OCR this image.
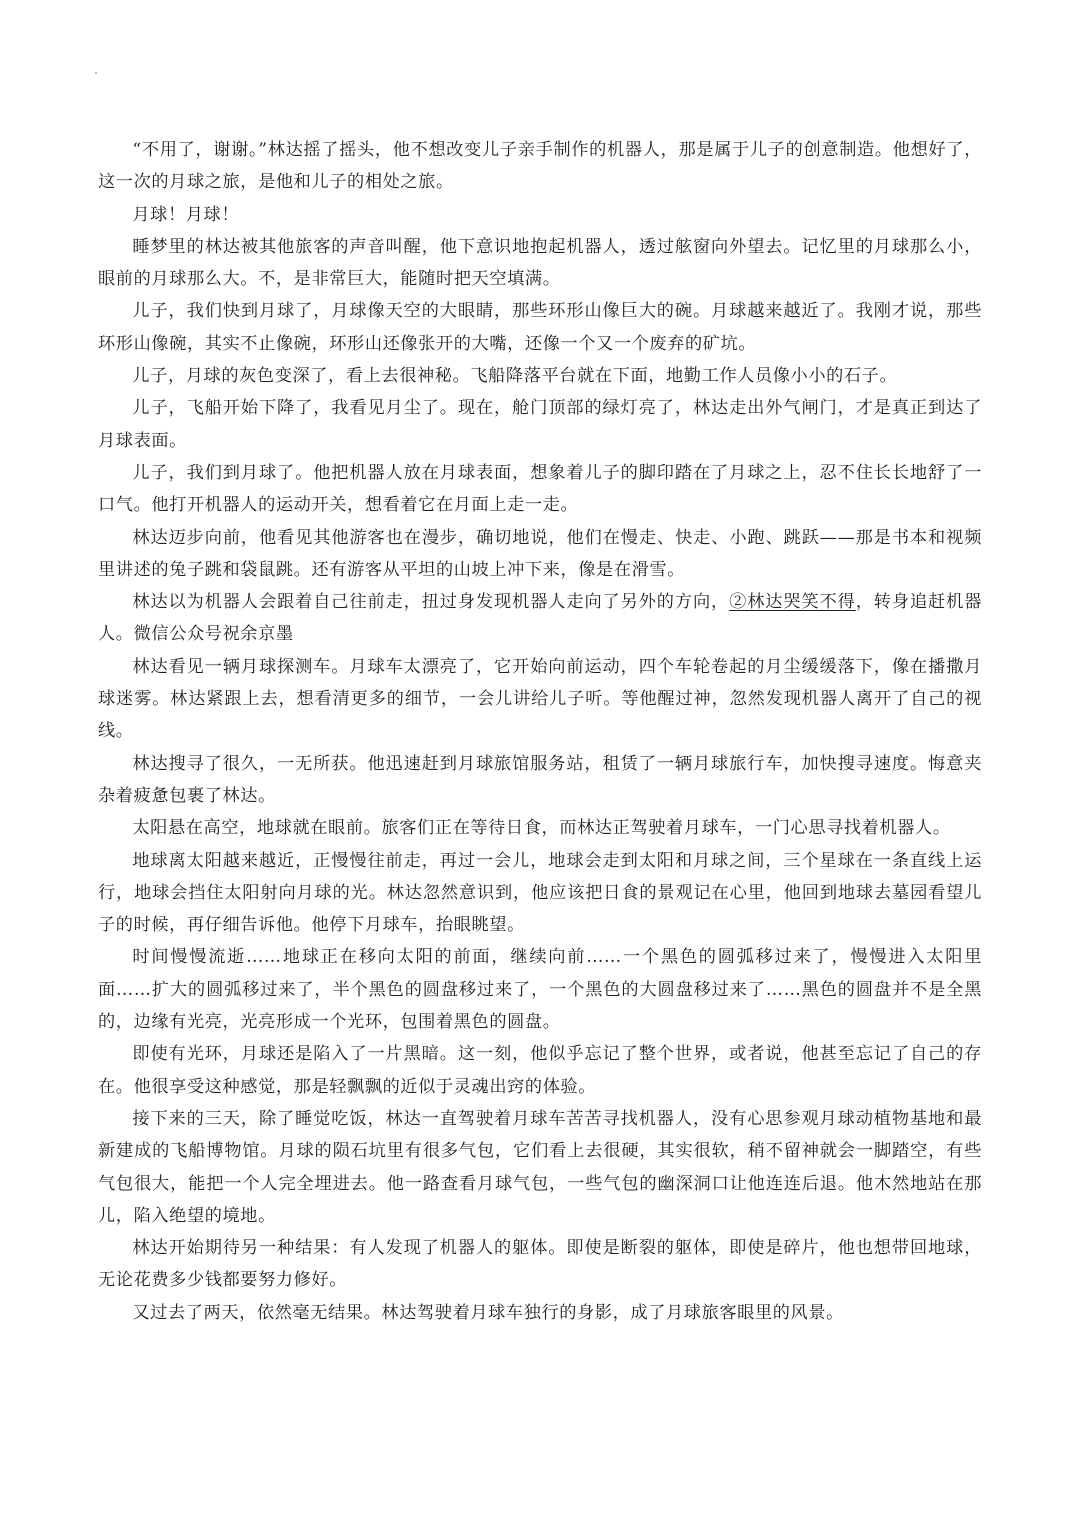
“不用了，谢谢。”林达摇了摇头，他不想改变儿子亲手制作的机器人，那是属于儿子的创意制造。他想好了，这一次的月球之旅，是他和儿子的相处之旅。

月球！月球！

睡梦里的林达被其他旅客的声音叫醒，他下意识地抱起机器人，透过舷窗向外望去。记忆里的月球那么小，眼前的月球那么大。不，是非常巨大，能随时把天空填满。

儿子，我们快到月球了，月球像天空的大眼睛，那些环形山像巨大的碗。月球越来越近了。我刚才说，那些环形山像碗，其实不止像碗，环形山还像张开的大嘴，还像一个又一个废弃的矿坑。

儿子，月球的灰色变深了，看上去很神秘。飞船降落平台就在下面，地勤工作人员像小小的石子。

儿子，飞船开始下降了，我看见月尘了。现在，舱门顶部的绿灯亮了，林达走出外气闸门，才是真正到达了月球表面。

儿子，我们到月球了。他把机器人放在月球表面，想象着儿子的脚印踏在了月球之上，忍不住长长地舒了一口气。他打开机器人的运动开关，想看着它在月面上走一走。

林达迈步向前，他看见其他游客也在漫步，确切地说，他们在慢走、快走、小跑、跳跃——那是书本和视频里讲述的兔子跳和袋鼠跳。还有游客从平坦的山坡上冲下来，像是在滑雪。

林达以为机器人会跟着自己往前走，扭过身发现机器人走向了另外的方向，②林达哭笑不得，转身追赶机器人。微信公众号祝余京墨

林达看见一辆月球探测车。月球车太漂亮了，它开始向前运动，四个车轮卷起的月尘缓缓落下，像在播撒月球迷雾。林达紧跟上去，想看清更多的细节，一会儿讲给儿子听。等他醒过神，忽然发现机器人离开了自己的视线。

林达搜寻了很久，一无所获。他迅速赶到月球旅馆服务站，租赁了一辆月球旅行车，加快搜寻速度。悔意夹杂着疲惫包裹了林达。

太阳悬在高空，地球就在眼前。旅客们正在等待日食，而林达正驾驶着月球车，一门心思寻找着机器人。

地球离太阳越来越近，正慢慢往前走，再过一会儿，地球会走到太阳和月球之间，三个星球在一条直线上运行，地球会挡住太阳射向月球的光。林达忽然意识到，他应该把日食的景观记在心里，他回到地球去墓园看望儿子的时候，再仔细告诉他。他停下月球车，抬眼眺望。

时间慢慢流逝……地球正在移向太阳的前面，继续向前……一个黑色的圆弧移过来了，慢慢进入太阳里面……扩大的圆弧移过来了，半个黑色的圆盘移过来了，一个黑色的大圆盘移过来了……黑色的圆盘并不是全黑的，边缘有光亮，光亮形成一个光环，包围着黑色的圆盘。

即使有光环，月球还是陷入了一片黑暗。这一刻，他似乎忘记了整个世界，或者说，他甚至忘记了自己的存在。他很享受这种感觉，那是轻飘飘的近似于灵魂出窍的体验。

接下来的三天，除了睡觉吃饭，林达一直驾驶着月球车苦苦寻找机器人，没有心思参观月球动植物基地和最新建成的飞船博物馆。月球的陨石坑里有很多气包，它们看上去很硬，其实很软，稍不留神就会一脚踏空，有些气包很大，能把一个人完全埋进去。他一路查看月球气包，一些气包的幽深洞口让他连连后退。他木然地站在那儿，陷入绝望的境地。

林达开始期待另一种结果：有人发现了机器人的躯体。即使是断裂的躯体，即使是碎片，他也想带回地球，无论花费多少钱都要努力修好。

又过去了两天，依然毫无结果。林达驾驶着月球车独行的身影，成了月球旅客眼里的风景。
